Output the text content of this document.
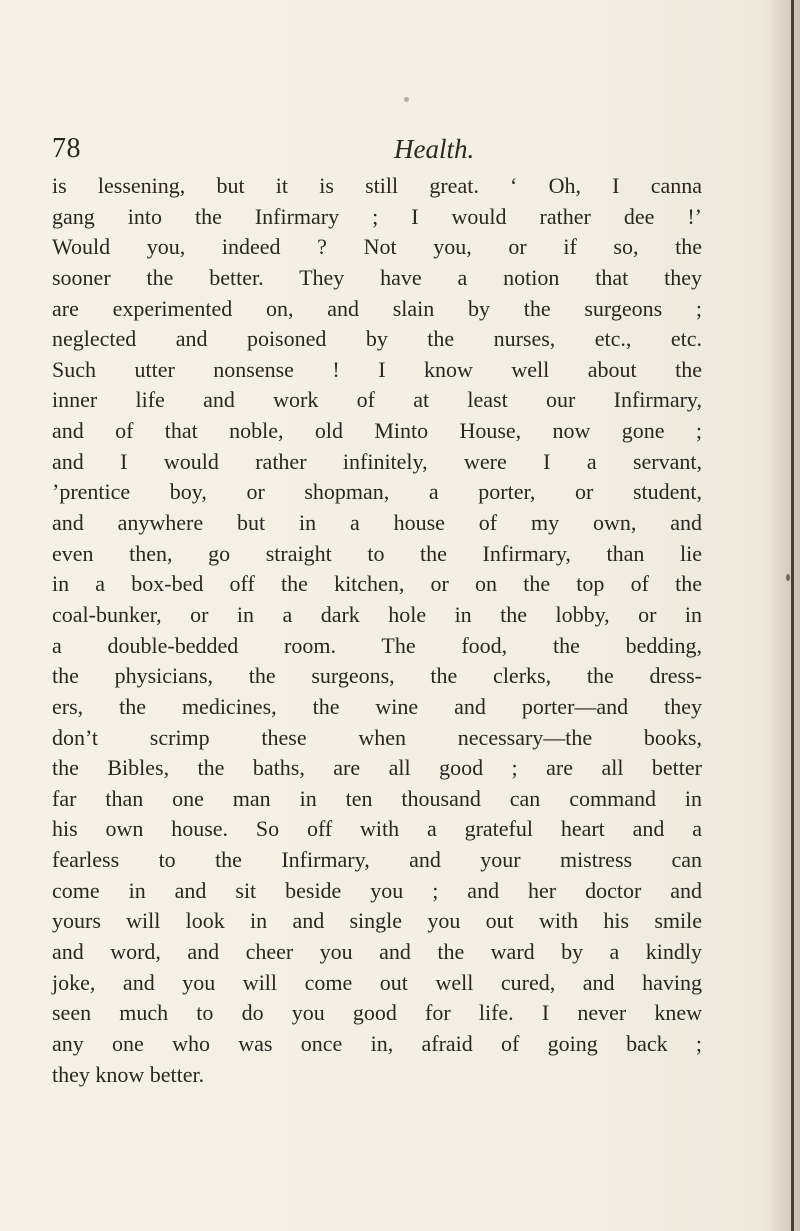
78	Health.
is lessening, but it is still great. ‘ Oh, I canna
gang into the Infirmary ; I would rather dee !’
Would you, indeed ? Not you, or if so, the
sooner the better. They have a notion that they
are experimented on, and slain by the surgeons ;
neglected and poisoned by the nurses, etc., etc.
Such utter nonsense ! I know well about the
inner life and work of at least our Infirmary,
and of that noble, old Minto House, now gone ;
and I would rather infinitely, were I a servant,
’prentice boy, or shopman, a porter, or student,
and anywhere but in a house of my own, and
even then, go straight to the Infirmary, than lie
in a box-bed off the kitchen, or on the top of the
coal-bunker, or in a dark hole in the lobby, or in
a double-bedded room. The food, the bedding,
the physicians, the surgeons, the clerks, the dress-
ers, the medicines, the wine and porter—and they
don’t scrimp these when necessary—the books,
the Bibles, the baths, are all good ; are all better
far than one man in ten thousand can command in
his own house. So off with a grateful heart and a
fearless to the Infirmary, and your mistress can
come in and sit beside you ; and her doctor and
yours will look in and single you out with his smile
and word, and cheer you and the ward by a kindly
joke, and you will come out well cured, and having
seen much to do you good for life. I never knew
any one who was once in, afraid of going back ;
they know better.
